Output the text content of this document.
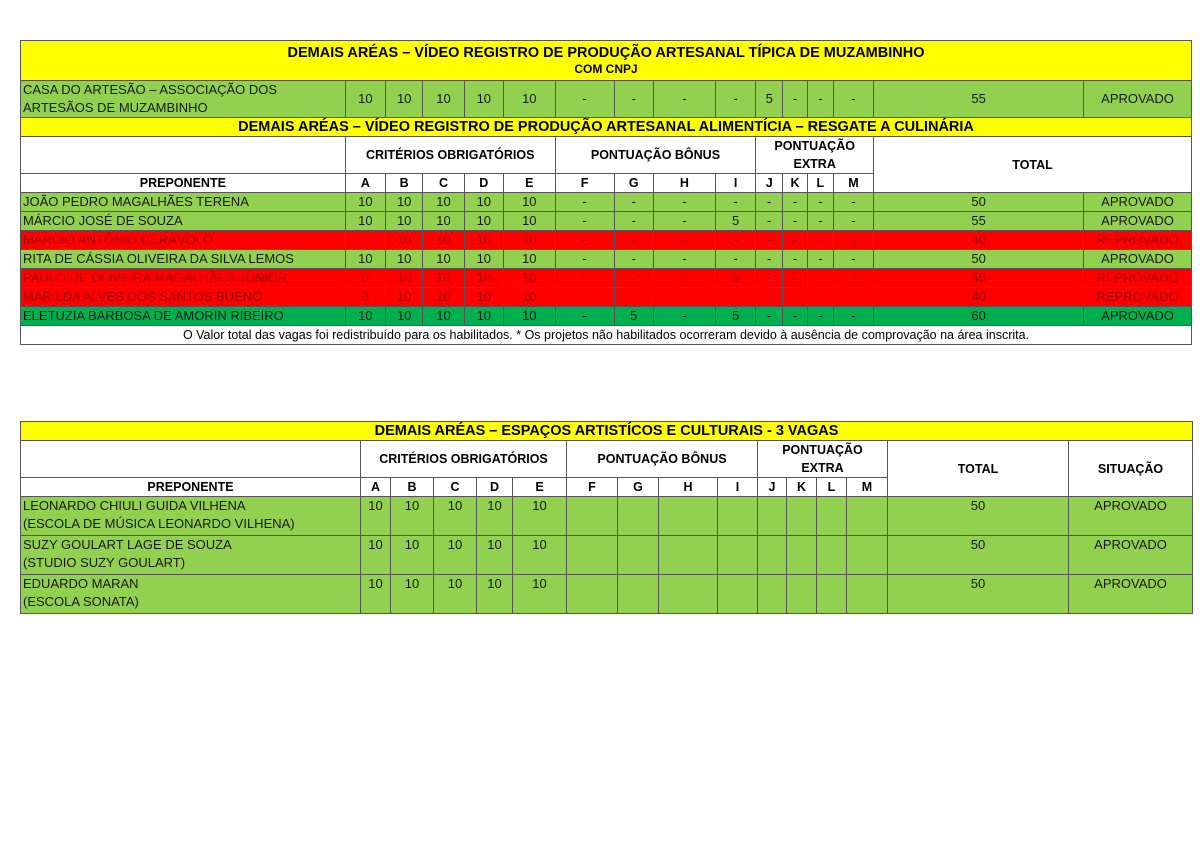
DEMAIS ARÉAS – VÍDEO REGISTRO DE PRODUÇÃO ARTESANAL TÍPICA DE MUZAMBINHO
COM CNPJ															

CASA DO ARTESÃO – ASSOCIAÇÃO DOS ARTESÃOS DE MUZAMBINHO	10	10	10	10	10	-	-	-	-	5	-	-	-	55	APROVADO

DEMAIS ARÉAS – VÍDEO REGISTRO DE PRODUÇÃO ARTESANAL ALIMENTÍCIA – RESGATE A CULINÁRIA															

	CRITÉRIOS OBRIGATÓRIOS					PONTUAÇÃO BÔNUS				PONTUAÇÃO EXTRA				TOTAL	
PREPONENTE	A	B	C	D	E	F	G	H	I	J	K	L	M		
JOÃO PEDRO MAGALHÃES TERENA	10	10	10	10	10	-	-	-	-	-	-	-	-	50	APROVADO
MÁRCIO JOSÉ DE SOUZA	10	10	10	10	10	-	-	-	5	-	-	-	-	55	APROVADO
MÁRCIO ANTÔNIO CERÁVOLO		10	10	10	10	-	-	-	-	-	-	-	-	40	REPROVADO
RITA DE CÁSSIA OLIVEIRA DA SILVA LEMOS	10	10	10	10	10	-	-	-	-	-	-	-	-	50	APROVADO
PAULO DE OLIVEIRA MAGALHÃES JÚNIOR	0	10	10	10	10	-	-	-	5	-	-	-	-	45	REPROVADO
MARILDA ALVES DOS SANTOS BUENO	0	10	10	10	10	-	-	-	-	-	-	-	-	40	REPROVADO
ELETUZIA BARBOSA DE AMORIN RIBEIRO	10	10	10	10	10	-	5	-	5	-	-	-	-	60	APROVADO
O Valor total das vagas foi redistribuído para os habilitados. * Os projetos não habilitados ocorreram devido à ausência de comprovação na área inscrita.															
DEMAIS ARÉAS – ESPAÇOS ARTISTÍCOS E CULTURAIS - 3 VAGAS															

	CRITÉRIOS OBRIGATÓRIOS					PONTUAÇÃO BÔNUS				PONTUAÇÃO EXTRA				TOTAL	SITUAÇÃO
PREPONENTE	A	B	C	D	E	F	G	H	I	J	K	L	M		

LEONARDO CHIULI GUIDA VILHENA
(ESCOLA DE MÚSICA LEONARDO VILHENA)	10	10	10	10	10									50	APROVADO

SUZY GOULART LAGE DE SOUZA
(STUDIO SUZY GOULART)	10	10	10	10	10									50	APROVADO

EDUARDO MARAN
(ESCOLA SONATA)	10	10	10	10	10									50	APROVADO
